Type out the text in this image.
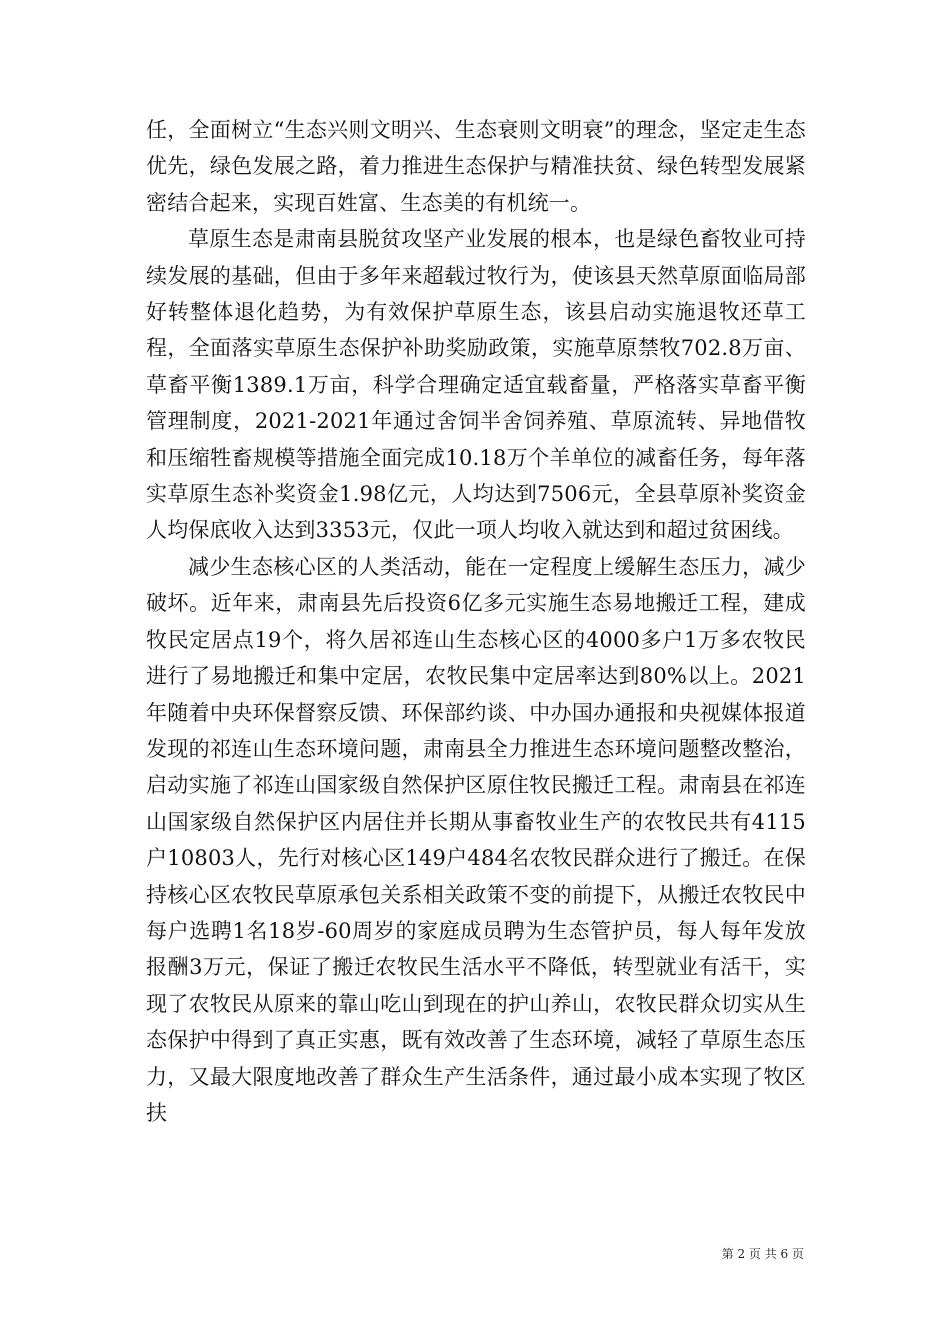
任，全面树立“生态兴则文明兴、生态衰则文明衰”的理念，坚定走生态优先，绿色发展之路，着力推进生态保护与精准扶贫、绿色转型发展紧密结合起来，实现百姓富、生态美的有机统一。

草原生态是肃南县脱贫攻坚产业发展的根本，也是绿色畜牧业可持续发展的基础，但由于多年来超载过牧行为，使该县天然草原面临局部好转整体退化趋势，为有效保护草原生态，该县启动实施退牧还草工程，全面落实草原生态保护补助奖励政策，实施草原禁牧702.8万亩、草畜平衡1389.1万亩，科学合理确定适宜载畜量，严格落实草畜平衡管理制度，2021-2021年通过舍饲半舍饲养殖、草原流转、异地借牧和压缩牲畜规模等措施全面完成10.18万个羊单位的减畜任务，每年落实草原生态补奖资金1.98亿元，人均达到7506元，全县草原补奖资金人均保底收入达到3353元，仅此一项人均收入就达到和超过贫困线。

减少生态核心区的人类活动，能在一定程度上缓解生态压力，减少破坏。近年来，肃南县先后投资6亿多元实施生态易地搬迁工程，建成牧民定居点19个，将久居祁连山生态核心区的4000多户1万多农牧民进行了易地搬迁和集中定居，农牧民集中定居率达到80%以上。2021年随着中央环保督察反馈、环保部约谈、中办国办通报和央视媒体报道发现的祁连山生态环境问题，肃南县全力推进生态环境问题整改整治，启动实施了祁连山国家级自然保护区原住牧民搬迁工程。肃南县在祁连山国家级自然保护区内居住并长期从事畜牧业生产的农牧民共有4115户10803人，先行对核心区149户484名农牧民群众进行了搬迁。在保持核心区农牧民草原承包关系相关政策不变的前提下，从搬迁农牧民中每户选聘1名18岁-60周岁的家庭成员聘为生态管护员，每人每年发放报酬3万元，保证了搬迁农牧民生活水平不降低，转型就业有活干，实现了农牧民从原来的靠山吃山到现在的护山养山，农牧民群众切实从生态保护中得到了真正实惠，既有效改善了生态环境，减轻了草原生态压力，又最大限度地改善了群众生产生活条件，通过最小成本实现了牧区扶

第 2 页 共 6 页
